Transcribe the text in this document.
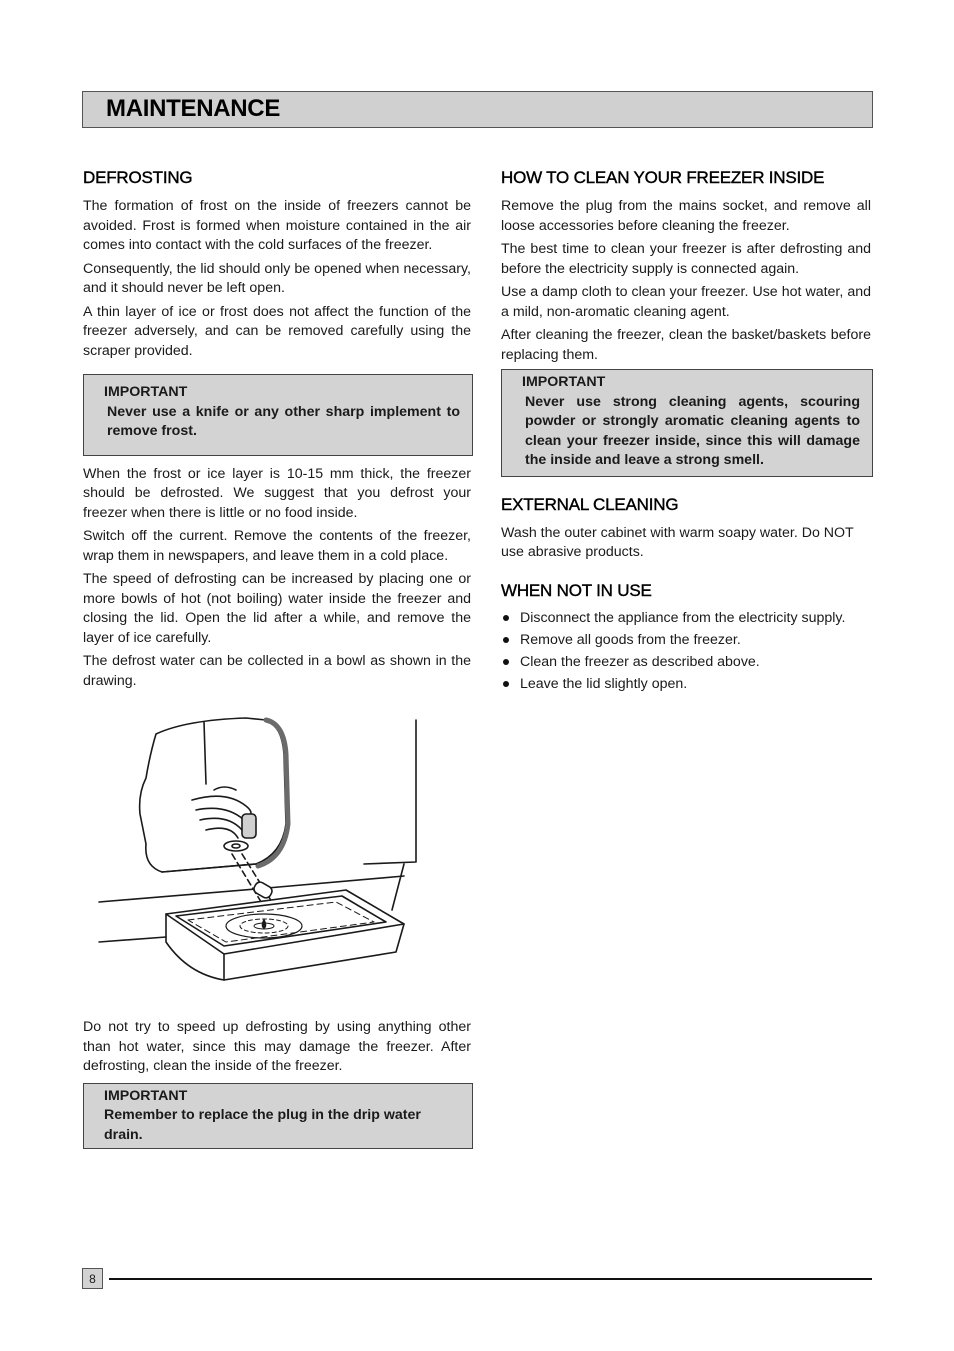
MAINTENANCE
DEFROSTING

The formation of frost on the inside of freezers cannot be avoided. Frost is formed when moisture contained in the air comes into contact with the cold surfaces of the freezer.

Consequently, the lid should only be opened when necessary, and it should never be left open.

A thin layer of ice or frost does not affect the function of the freezer adversely, and can be removed carefully using the scraper provided.

IMPORTANT
Never use a knife or any other sharp implement to remove frost.

When the frost or ice layer is 10-15 mm thick, the freezer should be defrosted. We suggest that you defrost your freezer when there is little or no food inside.

Switch off the current. Remove the contents of the freezer, wrap them in newspapers, and leave them in a cold place.

The speed of defrosting can be increased by placing one or more bowls of hot (not boiling) water inside the freezer and closing the lid. Open the lid after a while, and remove the layer of ice carefully.

The defrost water can be collected in a bowl as shown in the drawing.

Do not try to speed up defrosting by using anything other than hot water, since this may damage the freezer. After defrosting, clean the inside of the freezer.

IMPORTANT
Remember to replace the plug in the drip water drain.
HOW TO CLEAN YOUR FREEZER INSIDE

Remove the plug from the mains socket, and remove all loose accessories before cleaning the freezer.

The best time to clean your freezer is after defrosting and before the electricity supply is connected again.

Use a damp cloth to clean your freezer. Use hot water, and a mild, non-aromatic cleaning agent.

After cleaning the freezer, clean the basket/baskets before replacing them.

IMPORTANT
Never use strong cleaning agents, scouring powder or strongly aromatic cleaning agents to clean your freezer inside, since this will damage the inside and leave a strong smell.
EXTERNAL CLEANING

Wash the outer cabinet with warm soapy water. Do NOT use abrasive products.

WHEN NOT IN USE
Disconnect the appliance from the electricity supply.
Remove all goods from the freezer.
Clean the freezer as described above.
Leave the lid slightly open.
8
